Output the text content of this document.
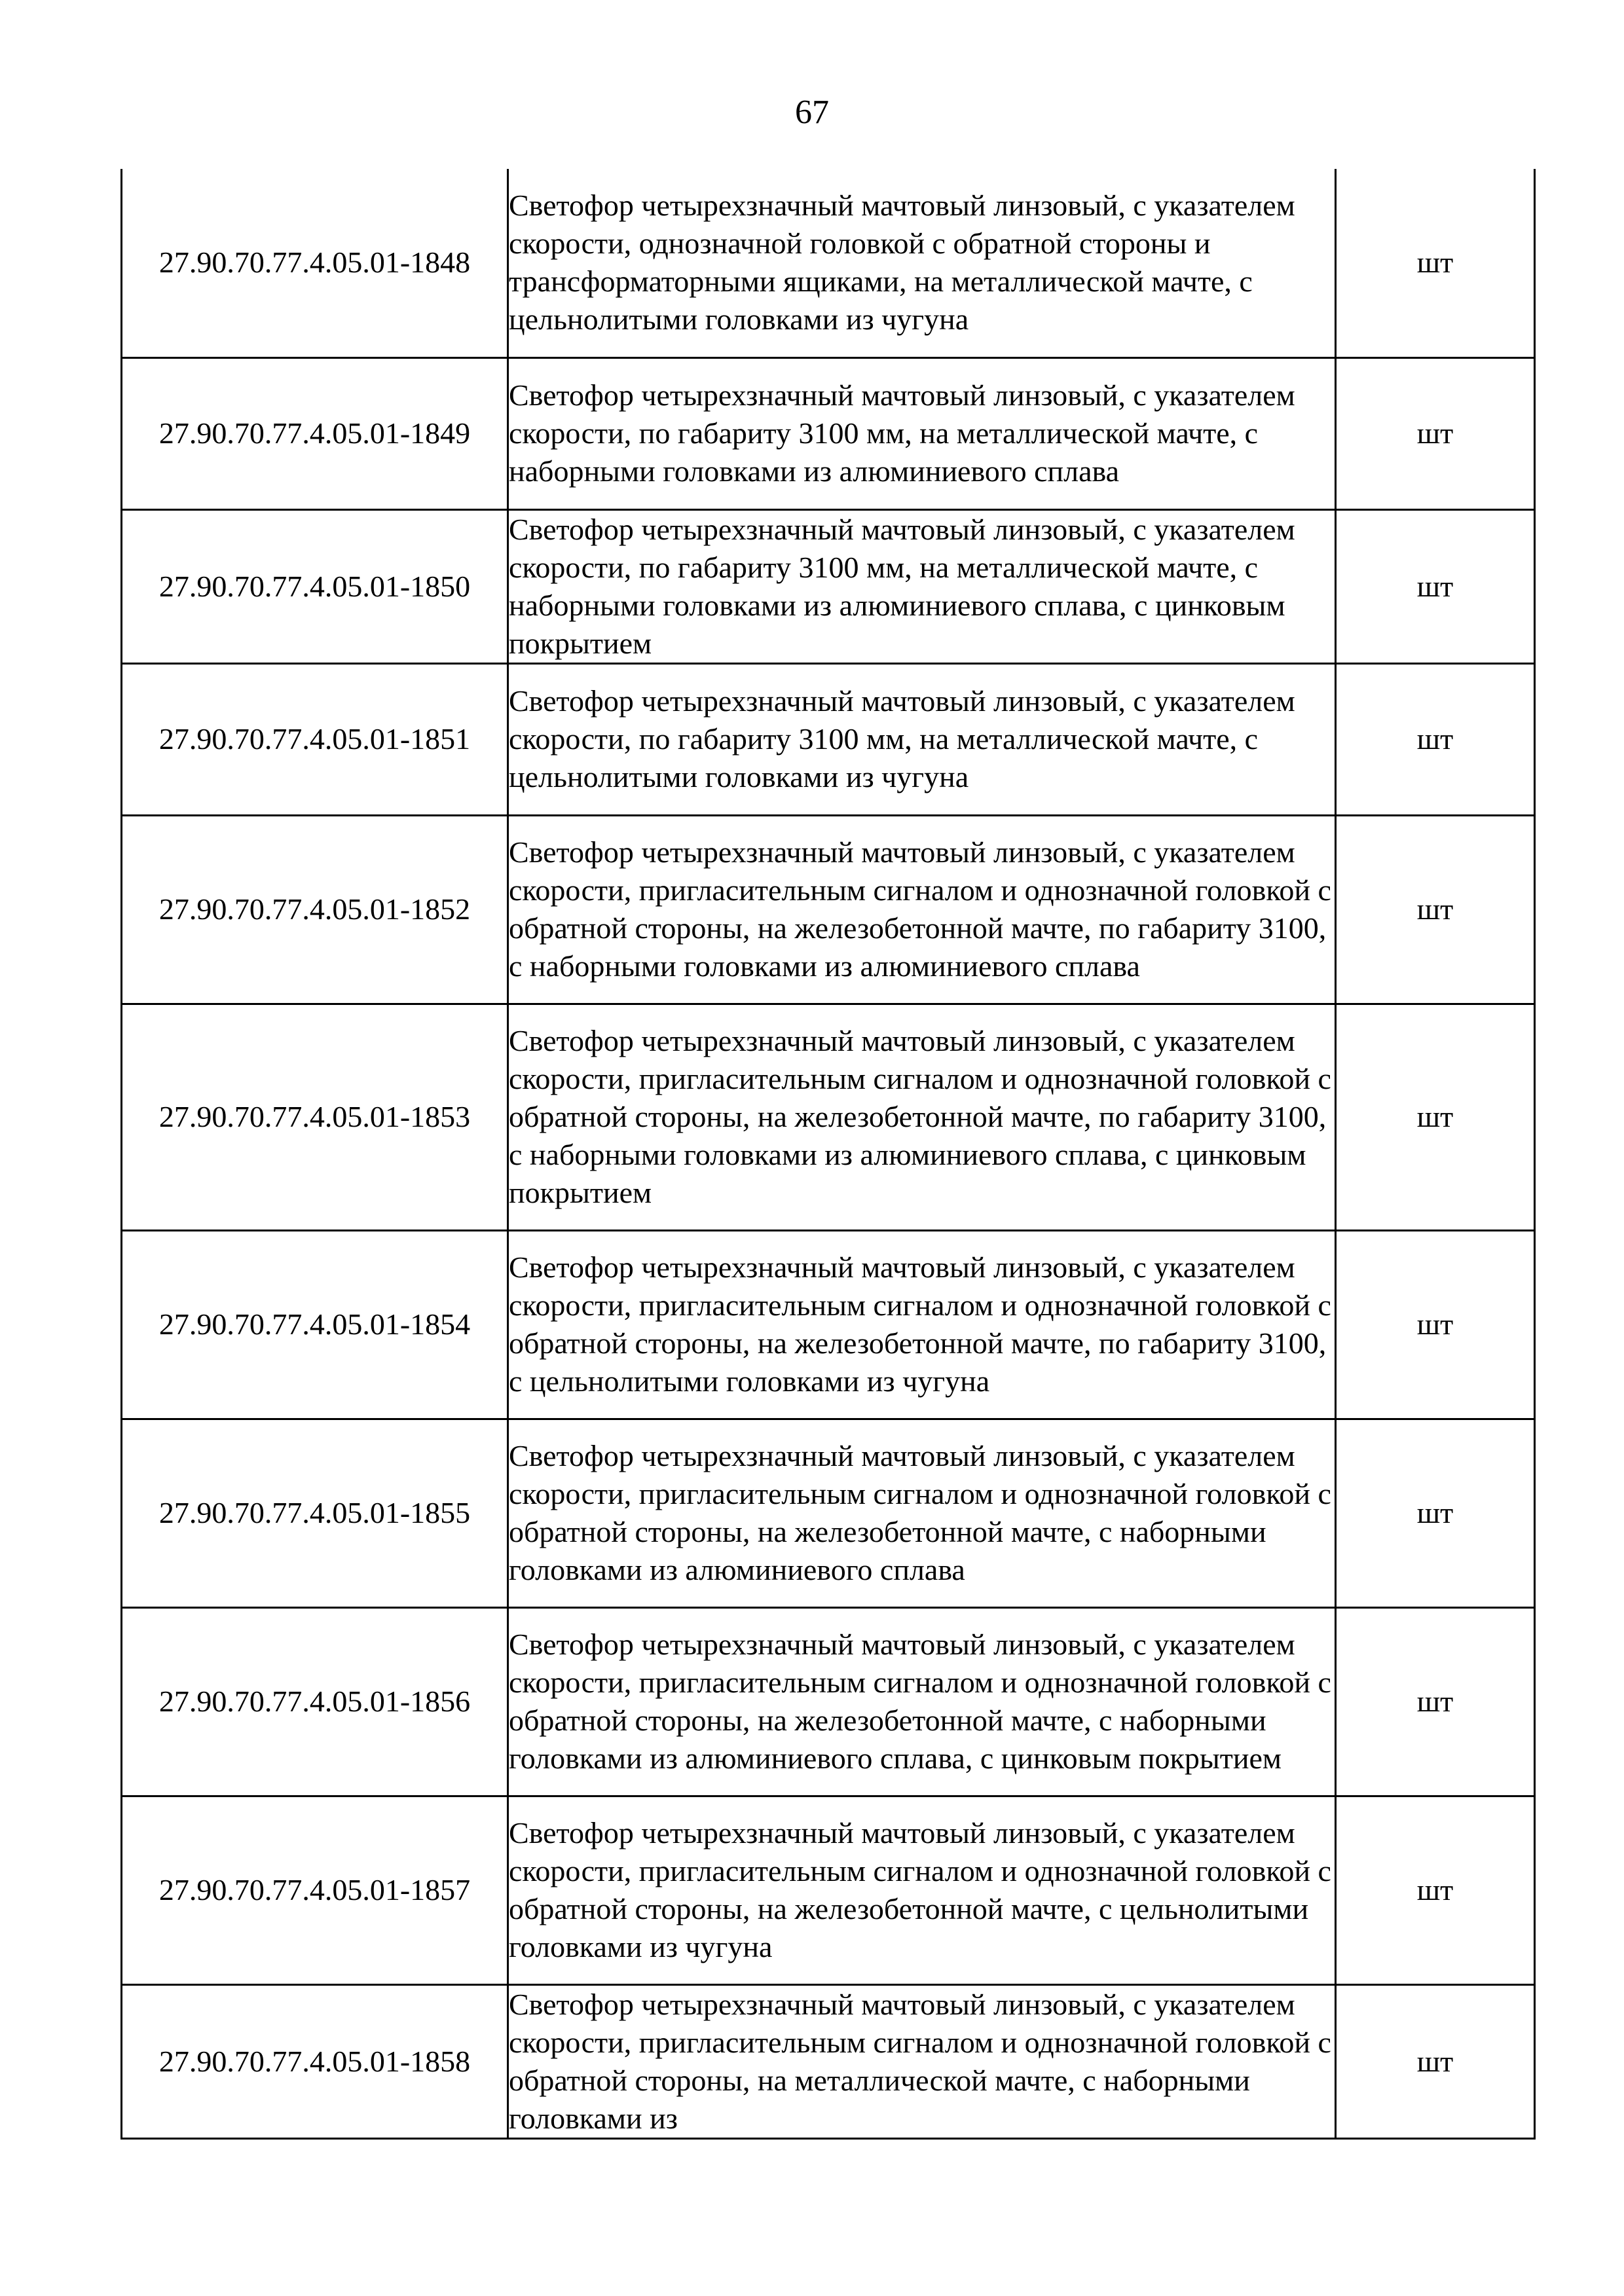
67
27.90.70.77.4.05.01-1848	Светофор четырехзначный мачтовый линзовый, с указателем скорости, однозначной головкой с обратной стороны и трансформаторными ящиками, на металлической мачте, с цельнолитыми головками из чугуна	шт
27.90.70.77.4.05.01-1849	Светофор четырехзначный мачтовый линзовый, с указателем скорости, по габариту 3100 мм, на металлической мачте, с наборными головками из алюминиевого сплава	шт
27.90.70.77.4.05.01-1850	Светофор четырехзначный мачтовый линзовый, с указателем скорости, по габариту 3100 мм, на металлической мачте, с наборными головками из алюминиевого сплава, с цинковым покрытием	шт
27.90.70.77.4.05.01-1851	Светофор четырехзначный мачтовый линзовый, с указателем скорости, по габариту 3100 мм, на металлической мачте, с цельнолитыми головками из чугуна	шт
27.90.70.77.4.05.01-1852	Светофор четырехзначный мачтовый линзовый, с указателем скорости, пригласительным сигналом и однозначной головкой с обратной стороны, на железобетонной мачте, по габариту 3100, с наборными головками из алюминиевого сплава	шт
27.90.70.77.4.05.01-1853	Светофор четырехзначный мачтовый линзовый, с указателем скорости, пригласительным сигналом и однозначной головкой с обратной стороны, на железобетонной мачте, по габариту 3100, с наборными головками из алюминиевого сплава, с цинковым покрытием	шт
27.90.70.77.4.05.01-1854	Светофор четырехзначный мачтовый линзовый, с указателем скорости, пригласительным сигналом и однозначной головкой с обратной стороны, на железобетонной мачте, по габариту 3100, с цельнолитыми головками из чугуна	шт
27.90.70.77.4.05.01-1855	Светофор четырехзначный мачтовый линзовый, с указателем скорости, пригласительным сигналом и однозначной головкой с обратной стороны, на железобетонной мачте, с наборными головками из алюминиевого сплава	шт
27.90.70.77.4.05.01-1856	Светофор четырехзначный мачтовый линзовый, с указателем скорости, пригласительным сигналом и однозначной головкой с обратной стороны, на железобетонной мачте, с наборными головками из алюминиевого сплава, с цинковым покрытием	шт
27.90.70.77.4.05.01-1857	Светофор четырехзначный мачтовый линзовый, с указателем скорости, пригласительным сигналом и однозначной головкой с обратной стороны, на железобетонной мачте, с цельнолитыми головками из чугуна	шт
27.90.70.77.4.05.01-1858	Светофор четырехзначный мачтовый линзовый, с указателем скорости, пригласительным сигналом и однозначной головкой с обратной стороны, на металлической мачте, с наборными головками из	шт
